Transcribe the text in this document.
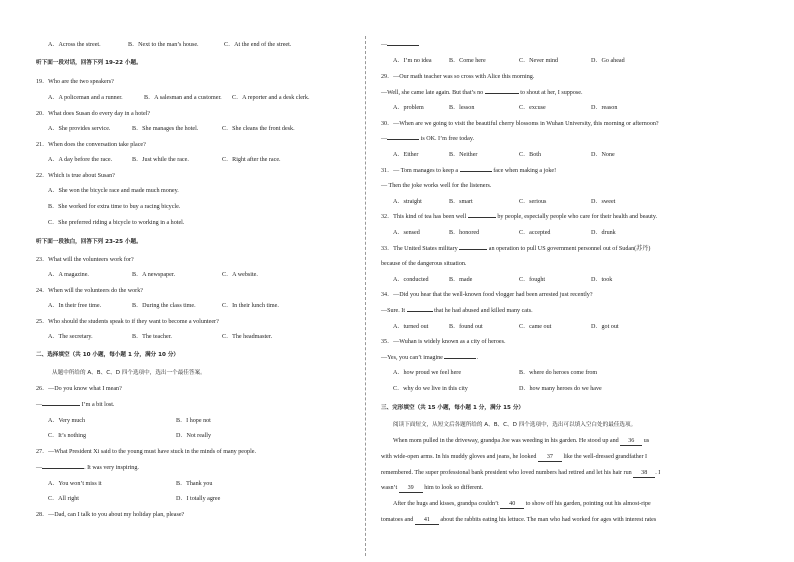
A．Across the street.	B．Next to the man’s house.	C．At the end of the street.
听下面一段对话，回答下列 19-22 小题。
19．Who are the two speakers?
A．A policeman and a runner.	B．A salesman and a customer. C．A reporter and a desk clerk.
20．What does Susan do every day in a hotel?
A．She provides service.	B．She manages the hotel.	C．She cleans the front desk.
21．When does the conversation take place?
A．A day before the race.	B．Just while the race.	C．Right after the race.
22．Which is true about Susan?
A．She won the bicycle race and made much money.
B．She worked for extra time to buy a racing bicycle.
C．She preferred riding a bicycle to working in a hotel.
听下面一段独白，回答下列 23-25 小题。
23．What will the volunteers work for?
A．A magazine.	B．A newspaper.	C．A website.
24．When will the volunteers do the work?
A．In their free time.	B．During the class time.	C．In their lunch time.
25．Who should the students speak to if they want to become a volunteer?
A．The secretary.	B．The teacher.	C．The headmaster.
二、选择填空（共 10 小题，每小题 1 分，满分 10 分）
从题中所给的 A、B、C、D 四个选项中，选出一个最佳答案。
26．—Do you know what I mean?
—	I’m a bit lost.
A．Very much	B．I hope not
C．It’s nothing	D．Not really
27．—What President Xi said to the young must have stuck in the minds of many people.
—	. It was very inspiring.
A．You won’t miss it	B．Thank you
C．All right	D．I totally agree
28．—Dad, can I talk to you about my holiday plan, please?
—
A．I’m no idea	B．Come here	C．Never mind	D．Go ahead
29．—Our math teacher was so cross with Alice this morning.
—Well, she came late again. But that’s no	to shout at her, I suppose.
A．problem	B．lesson	C．excuse	D．reason
30．—When are we going to visit the beautiful cherry blossoms in Wuhan University, this morning or afternoon?
—	is OK. I’m free today.
A．Either	B．Neither	C．Both	D．None
31．— Tom manages to keep a	face when making a joke!
— Then the joke works well for the listeners.
A．straight	B．smart	C．serious	D．sweet
32．This kind of tea has been well	by people, especially people who care for their health and beauty.
A．sensed	B．honored	C．accepted	D．drunk
33．The United States military	an operation to pull US government personnel out of Sudan(苏丹)
because of the dangerous situation.
A．conducted	B．made	C．fought	D．took
34．—Did you hear that the well-known food vlogger had been arrested just recently?
—Sure. It	that he had abused and killed many cats.
A．turned out	B．found out	C．came out	D．got out
35．—Wuhan is widely known as a city of heroes.
—Yes, you can’t imagine	.
A．how proud we feel here	B．where do heroes come from
C．why do we live in this city	D．how many heroes do we have
三、完形填空（共 15 小题，每小题 1 分，满分 15 分）
阅读下面短文，从短文后各题所给的 A、B、C、D 四个选项中，选出可以填入空白处的最佳选项。
When mom pulled in the driveway, grandpa Joe was weeding in his garden. He stood up and 36 us
with wide-open arms. In his muddy gloves and jeans, he looked 37 like the well-dressed grandfather I
remembered. The super professional bank president who loved numbers had retired and let his hair run 38 . I
wasn’t 39 him to look so different.
After the hugs and kisses, grandpa couldn’t 40 to show off his garden, pointing out his almost-ripe
tomatoes and 41 about the rabbits eating his lettuce. The man who had worked for ages with interest rates
